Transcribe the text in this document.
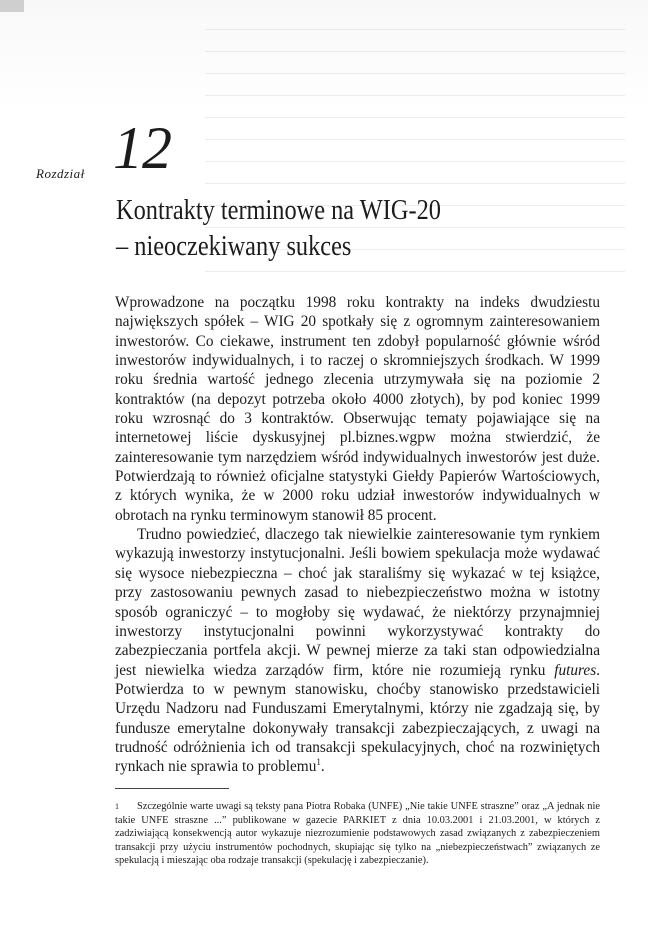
Rozdział 12
Kontrakty terminowe na WIG-20
– nieoczekiwany sukces

Wprowadzone na początku 1998 roku kontrakty na indeks dwudziestu największych spółek – WIG 20 spotkały się z ogromnym zainteresowaniem inwestorów. Co ciekawe, instrument ten zdobył popularność głównie wśród inwestorów indywidualnych, i to raczej o skromniejszych środkach. W 1999 roku średnia wartość jednego zlecenia utrzymywała się na poziomie 2 kontraktów (na depozyt potrzeba około 4000 złotych), by pod koniec 1999 roku wzrosnąć do 3 kontraktów. Obserwując tematy pojawiające się na internetowej liście dyskusyjnej pl.biznes.wgpw można stwierdzić, że zainteresowanie tym narzędziem wśród indywidualnych inwestorów jest duże. Potwierdzają to również oficjalne statystyki Giełdy Papierów Wartościowych, z których wynika, że w 2000 roku udział inwestorów indywidualnych w obrotach na rynku terminowym stanowił 85 procent.

Trudno powiedzieć, dlaczego tak niewielkie zainteresowanie tym rynkiem wykazują inwestorzy instytucjonalni. Jeśli bowiem spekulacja może wydawać się wysoce niebezpieczna – choć jak staraliśmy się wykazać w tej książce, przy zastosowaniu pewnych zasad to niebezpieczeństwo można w istotny sposób ograniczyć – to mogłoby się wydawać, że niektórzy przynajmniej inwestorzy instytucjonalni powinni wykorzystywać kontrakty do zabezpieczania portfela akcji. W pewnej mierze za taki stan odpowiedzialna jest niewielka wiedza zarządów firm, które nie rozumieją rynku futures. Potwierdza to w pewnym stanowisku, choćby stanowisko przedstawicieli Urzędu Nadzoru nad Funduszami Emerytalnymi, którzy nie zgadzają się, by fundusze emerytalne dokonywały transakcji zabezpieczających, z uwagi na trudność odróżnienia ich od transakcji spekulacyjnych, choć na rozwiniętych rynkach nie sprawia to problemu$^1$.

1	Szczególnie warte uwagi są teksty pana Piotra Robaka (UNFE) „Nie takie UNFE straszne” oraz „A jednak nie takie UNFE straszne ...” publikowane w gazecie PARKIET z dnia 10.03.2001 i 21.03.2001, w których z zadziwiającą konsekwencją autor wykazuje niezrozumienie podstawowych zasad związanych z zabezpieczeniem transakcji przy użyciu instrumentów pochodnych, skupiając się tylko na „niebezpieczeństwach” związanych ze spekulacją i mieszając oba rodzaje transakcji (spekulację i zabezpieczanie).
